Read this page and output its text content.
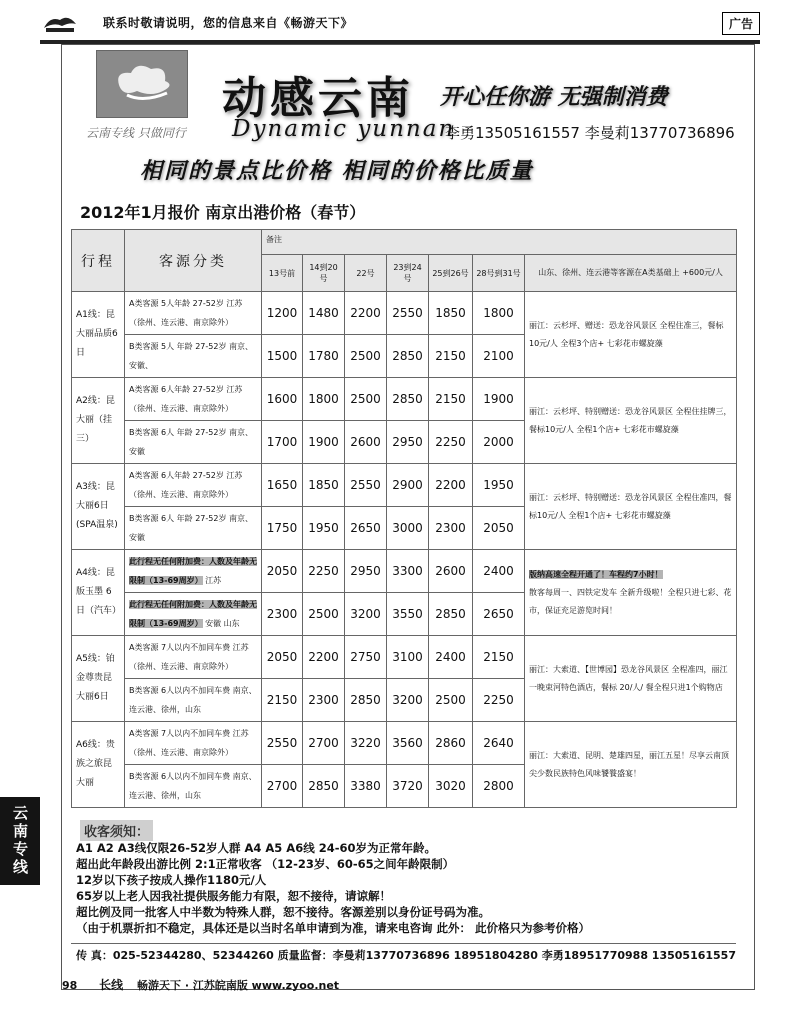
联系时敬请说明，您的信息来自《畅游天下》	广告
动感云南 开心任你游 无强制消费
云南专线 只做同行 Dynamic yunnan
李勇13505161557 李曼莉13770736896
相同的景点比价格 相同的价格比质量
2012年1月报价 南京出港价格（春节）
行程	客源分类	备注						
		13号前	14到20号	22号	23到24号	25到26号	28号到31号	山东、徐州、连云港等客源在A类基础上 +600元/人
A1线：昆大丽品质6日	A类客源 5人年龄 27-52岁 江苏（徐州、连云港、南京除外）	1200	1480	2200	2550	1850	1800	丽江：云杉坪、赠送：恐龙谷风景区 全程住准三，餐标10元/人 全程3个店+ 七彩花市螺旋藻
	B类客源 5人 年龄 27-52岁 南京、安徽、	1500	1780	2500	2850	2150	2100	
A2线：昆大丽（挂三）	A类客源 6人年龄 27-52岁 江苏（徐州、连云港、南京除外）	1600	1800	2500	2850	2150	1900	丽江：云杉坪、特别赠送：恐龙谷风景区 全程住挂牌三，餐标10元/人 全程1个店+ 七彩花市螺旋藻
	B类客源 6人 年龄 27-52岁 南京、安徽	1700	1900	2600	2950	2250	2000	
A3线：昆大丽6日(SPA温泉)	A类客源 6人年龄 27-52岁 江苏（徐州、连云港、南京除外）	1650	1850	2550	2900	2200	1950	丽江：云杉坪、特别赠送：恐龙谷风景区 全程住准四，餐标10元/人 全程1个店+ 七彩花市螺旋藻
	B类客源 6人 年龄 27-52岁 南京、安徽	1750	1950	2650	3000	2300	2050	
A4线：昆版玉墨 6 日（汽车）	此行程无任何附加费：人数及年龄无限制（13-69周岁） 江苏	2050	2250	2950	3300	2600	2400	版纳高速全程开通了！车程约7小时！
散客每周一、四铁定发车 全新升级啦！全程只进七彩、花市，保证充足游览时间！
	此行程无任何附加费：人数及年龄无限制（13-69周岁） 安徽 山东	2300	2500	3200	3550	2850	2650	
A5线：铂金尊贵昆大丽6日	A类客源 7人以内不加同车费 江苏（徐州、连云港、南京除外）	2050	2200	2750	3100	2400	2150	丽江：大索道、【世博园】恐龙谷风景区 全程准四，丽江一晚束河特色酒店，餐标 20/人/ 餐全程只进1个购物店
	B类客源 6人以内不加同车费 南京、连云港、徐州，山东	2150	2300	2850	3200	2500	2250	
A6线：贵族之旅昆大丽	A类客源 7人以内不加同车费 江苏（徐州、连云港、南京除外）	2550	2700	3220	3560	2860	2640	丽江：大索道、昆明、楚雄四星，丽江五星！尽享云南顶尖少数民族特色风味饕餮盛宴！
	B类客源 6人以内不加同车费 南京、连云港、徐州，山东	2700	2850	3380	3720	3020	2800	
收客须知：
A1 A2 A3线仅限26-52岁人群 A4 A5 A6线 24-60岁为正常年龄。
超出此年龄段出游比例 2:1正常收客 （12-23岁、60-65之间年龄限制）
12岁以下孩子按成人操作1180元/人
65岁以上老人因我社提供服务能力有限，恕不接待，请谅解！
超比例及同一批客人中半数为特殊人群，恕不接待。客源差别以身份证号码为准。
（由于机票折扣不稳定，具体还是以当时名单申请到为准，请来电咨询 此外： 此价格只为参考价格）
传 真：025-52344280、52344260 质量监督：李曼莉13770736896 18951804280 李勇18951770988 13505161557
98 长线 畅游天下 · 江苏皖南版 www.zyoo.net
云南专线
